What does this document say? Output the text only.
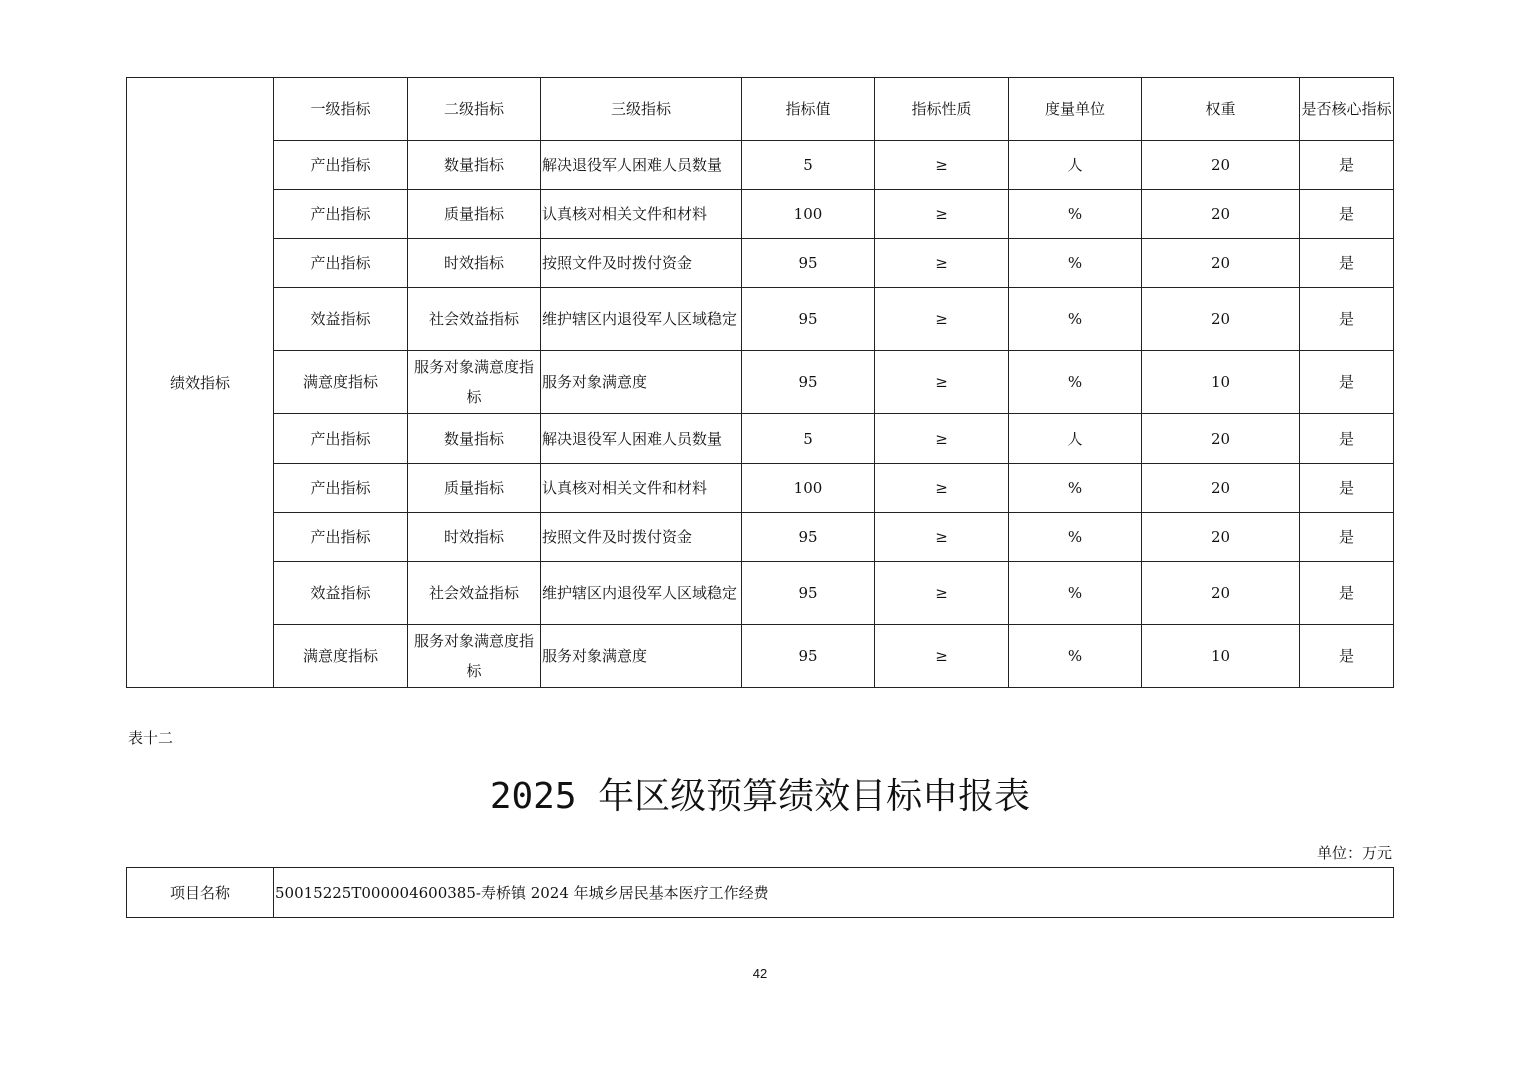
绩效指标	一级指标	二级指标	三级指标	指标值	指标性质	度量单位	权重	是否核心指标
	产出指标	数量指标	解决退役军人困难人员数量	5	≥	人	20	是
	产出指标	质量指标	认真核对相关文件和材料	100	≥	%	20	是
	产出指标	时效指标	按照文件及时拨付资金	95	≥	%	20	是
	效益指标	社会效益指标	维护辖区内退役军人区域稳定	95	≥	%	20	是
	满意度指标	服务对象满意度指标	服务对象满意度	95	≥	%	10	是
	产出指标	数量指标	解决退役军人困难人员数量	5	≥	人	20	是
	产出指标	质量指标	认真核对相关文件和材料	100	≥	%	20	是
	产出指标	时效指标	按照文件及时拨付资金	95	≥	%	20	是
	效益指标	社会效益指标	维护辖区内退役军人区域稳定	95	≥	%	20	是
	满意度指标	服务对象满意度指标	服务对象满意度	95	≥	%	10	是
表十二
2025 年区级预算绩效目标申报表
单位：万元
项目名称	50015225T000004600385-寿桥镇 2024 年城乡居民基本医疗工作经费
42
